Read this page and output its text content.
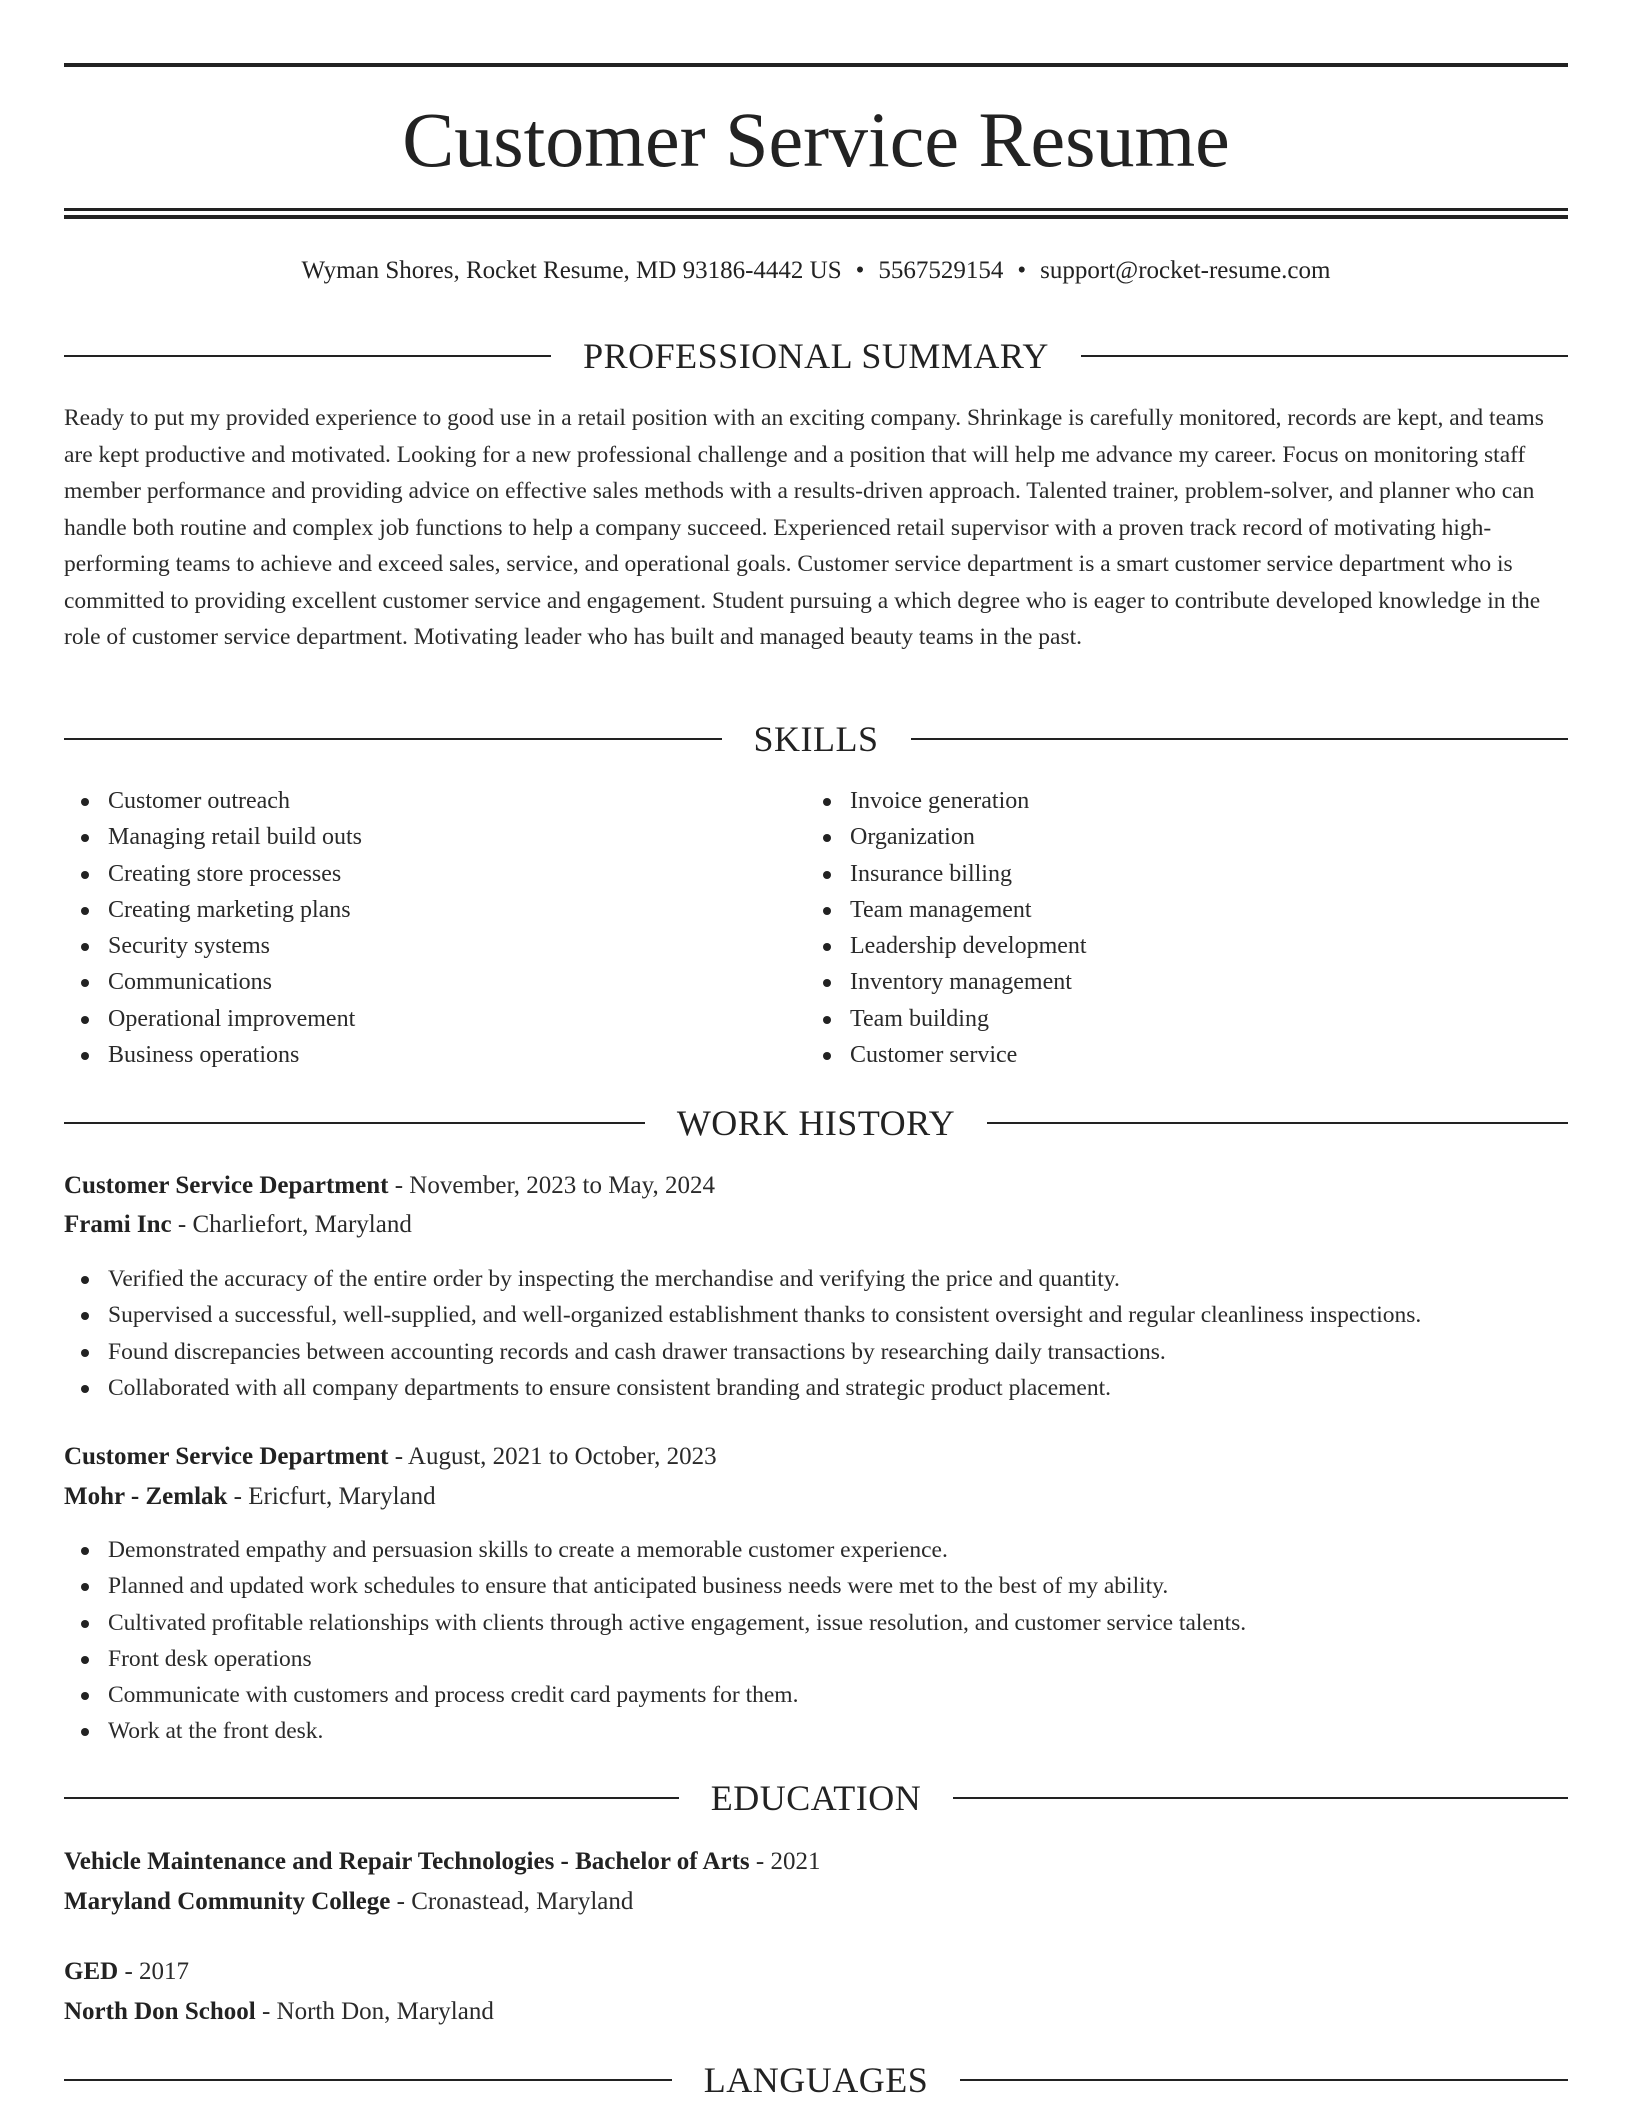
Customer Service Resume
Wyman Shores, Rocket Resume, MD 93186-4442 US • 5567529154 • support@rocket-resume.com
PROFESSIONAL SUMMARY

Ready to put my provided experience to good use in a retail position with an exciting company. Shrinkage is carefully monitored, records are kept, and teams are kept productive and motivated. Looking for a new professional challenge and a position that will help me advance my career. Focus on monitoring staff member performance and providing advice on effective sales methods with a results-driven approach. Talented trainer, problem-solver, and planner who can handle both routine and complex job functions to help a company succeed. Experienced retail supervisor with a proven track record of motivating high-performing teams to achieve and exceed sales, service, and operational goals. Customer service department is a smart customer service department who is committed to providing excellent customer service and engagement. Student pursuing a which degree who is eager to contribute developed knowledge in the role of customer service department. Motivating leader who has built and managed beauty teams in the past.

SKILLS
Customer outreach
Managing retail build outs
Creating store processes
Creating marketing plans
Security systems
Communications
Operational improvement
Business operations
Invoice generation
Organization
Insurance billing
Team management
Leadership development
Inventory management
Team building
Customer service
WORK HISTORY
Customer Service Department - November, 2023 to May, 2024
Frami Inc - Charliefort, Maryland
Verified the accuracy of the entire order by inspecting the merchandise and verifying the price and quantity.
Supervised a successful, well-supplied, and well-organized establishment thanks to consistent oversight and regular cleanliness inspections.
Found discrepancies between accounting records and cash drawer transactions by researching daily transactions.
Collaborated with all company departments to ensure consistent branding and strategic product placement.
Customer Service Department - August, 2021 to October, 2023
Mohr - Zemlak - Ericfurt, Maryland
Demonstrated empathy and persuasion skills to create a memorable customer experience.
Planned and updated work schedules to ensure that anticipated business needs were met to the best of my ability.
Cultivated profitable relationships with clients through active engagement, issue resolution, and customer service talents.
Front desk operations
Communicate with customers and process credit card payments for them.
Work at the front desk.
EDUCATION
Vehicle Maintenance and Repair Technologies - Bachelor of Arts - 2021
Maryland Community College - Cronastead, Maryland
GED - 2017
North Don School - North Don, Maryland
LANGUAGES
